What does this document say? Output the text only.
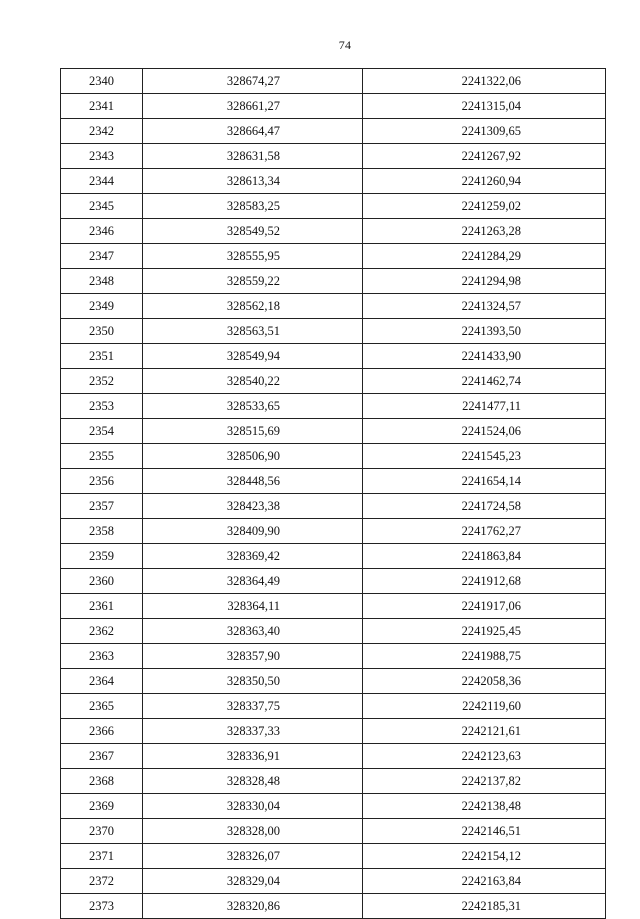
74
2340	328674,27	2241322,06
2341	328661,27	2241315,04
2342	328664,47	2241309,65
2343	328631,58	2241267,92
2344	328613,34	2241260,94
2345	328583,25	2241259,02
2346	328549,52	2241263,28
2347	328555,95	2241284,29
2348	328559,22	2241294,98
2349	328562,18	2241324,57
2350	328563,51	2241393,50
2351	328549,94	2241433,90
2352	328540,22	2241462,74
2353	328533,65	2241477,11
2354	328515,69	2241524,06
2355	328506,90	2241545,23
2356	328448,56	2241654,14
2357	328423,38	2241724,58
2358	328409,90	2241762,27
2359	328369,42	2241863,84
2360	328364,49	2241912,68
2361	328364,11	2241917,06
2362	328363,40	2241925,45
2363	328357,90	2241988,75
2364	328350,50	2242058,36
2365	328337,75	2242119,60
2366	328337,33	2242121,61
2367	328336,91	2242123,63
2368	328328,48	2242137,82
2369	328330,04	2242138,48
2370	328328,00	2242146,51
2371	328326,07	2242154,12
2372	328329,04	2242163,84
2373	328320,86	2242185,31
